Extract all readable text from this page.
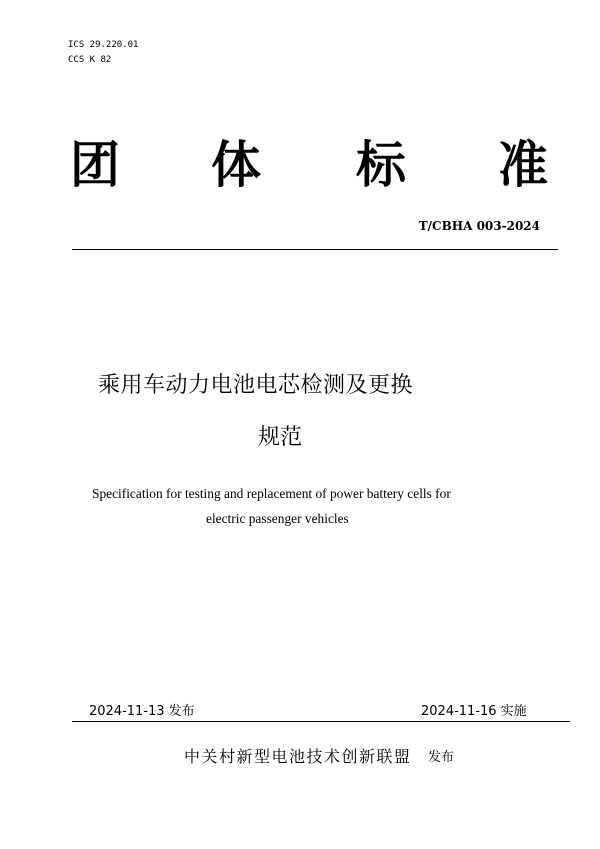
ICS 29.220.01
CCS K 82
团 体 标 准
T/CBHA 003-2024
乘用车动力电池电芯检测及更换
规范
Specification for testing and replacement of power battery cells for
electric passenger vehicles
2024-11-13 发布	2024-11-16 实施
中关村新型电池技术创新联盟 发布
